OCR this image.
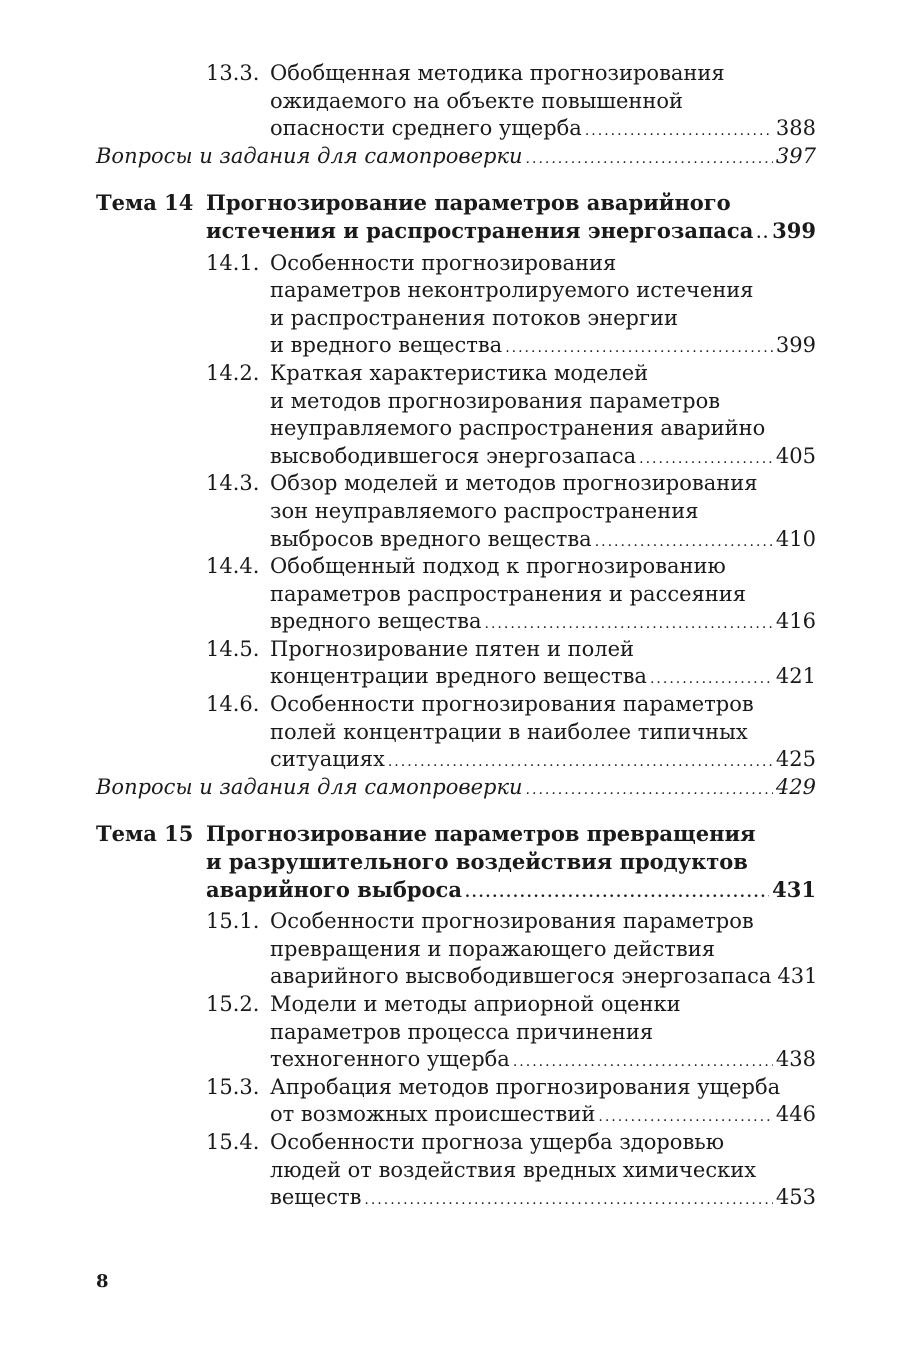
13.3. Обобщенная методика прогнозирования
ожидаемого на объекте повышенной
опасности среднего ущерба .....	388
Вопросы и задания для самопроверки .....	397
Тема 14 Прогнозирование параметров аварийного
истечения и распространения энергозапаса ..... 399
14.1. Особенности прогнозирования
параметров неконтролируемого истечения
и распространения потоков энергии
и вредного вещества .....	399
14.2. Краткая характеристика моделей
и методов прогнозирования параметров
неуправляемого распространения аварийно
высвободившегося энергозапаса .....	405
14.3. Обзор моделей и методов прогнозирования
зон неуправляемого распространения
выбросов вредного вещества .....	410
14.4. Обобщенный подход к прогнозированию
параметров распространения и рассеяния
вредного вещества .....	416
14.5. Прогнозирование пятен и полей
концентрации вредного вещества .....	421
14.6. Особенности прогнозирования параметров
полей концентрации в наиболее типичных
ситуациях .....	425
Вопросы и задания для самопроверки .....	429
Тема 15 Прогнозирование параметров превращения
и разрушительного воздействия продуктов
аварийного выброса .....	431
15.1. Особенности прогнозирования параметров
превращения и поражающего действия
аварийного высвободившегося энергозапаса 431
15.2. Модели и методы априорной оценки
параметров процесса причинения
техногенного ущерба .....	438
15.3. Апробация методов прогнозирования ущерба
от возможных происшествий .....	446
15.4. Особенности прогноза ущерба здоровью
людей от воздействия вредных химических
веществ .....	453
8
